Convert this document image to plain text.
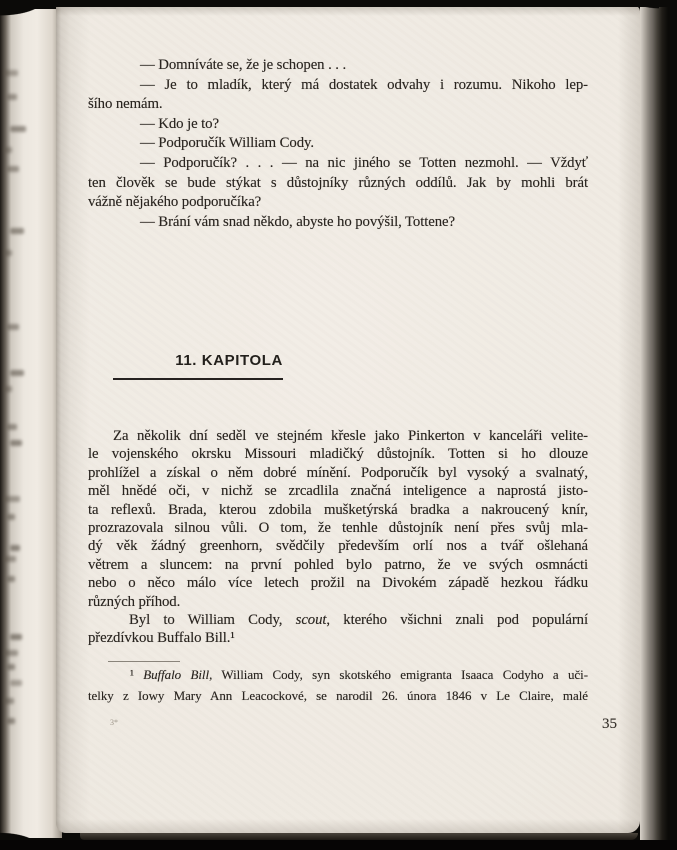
— Domníváte se, že je schopen . . .
— Je to mladík, který má dostatek odvahy i rozumu. Nikoho lep-
šího nemám.
— Kdo je to?
— Podporučík William Cody.
— Podporučík? . . . — na nic jiného se Totten nezmohl. — Vždyť
ten člověk se bude stýkat s důstojníky různých oddílů. Jak by mohli brát
vážně nějakého podporučíka?
— Brání vám snad někdo, abyste ho povýšil, Tottene?
11. KAPITOLA
Za několik dní seděl ve stejném křesle jako Pinkerton v kanceláři velite-
le vojenského okrsku Missouri mladičký důstojník. Totten si ho dlouze
prohlížel a získal o něm dobré mínění. Podporučík byl vysoký a svalnatý,
měl hnědé oči, v nichž se zrcadlila značná inteligence a naprostá jisto-
ta reflexů. Brada, kterou zdobila mušketýrská bradka a nakroucený knír,
prozrazovala silnou vůli. O tom, že tenhle důstojník není přes svůj mla-
dý věk žádný greenhorn, svědčily především orlí nos a tvář ošlehaná
větrem a sluncem: na první pohled bylo patrno, že ve svých osmnácti
nebo o něco málo více letech prožil na Divokém západě hezkou řádku
různých příhod.
Byl to William Cody, scout, kterého všichni znali pod populární
přezdívkou Buffalo Bill.¹
¹ Buffalo Bill, William Cody, syn skotského emigranta Isaaca Codyho a uči-
telky z Iowy Mary Ann Leacockové, se narodil 26. února 1846 v Le Claire, malé
35
3*
